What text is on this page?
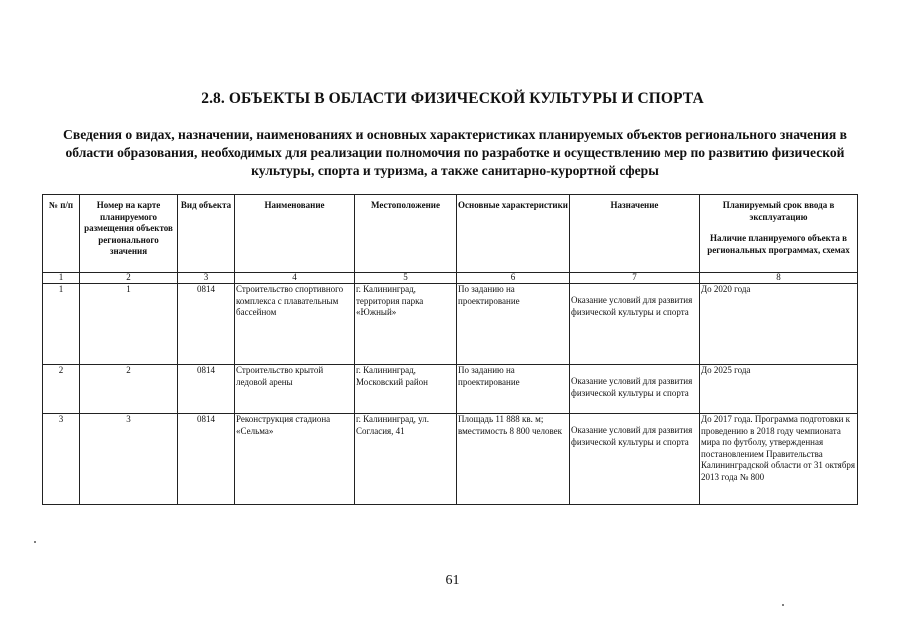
2.8. ОБЪЕКТЫ В ОБЛАСТИ ФИЗИЧЕСКОЙ КУЛЬТУРЫ И СПОРТА
Сведения о видах, назначении, наименованиях и основных характеристиках планируемых объектов регионального значения в области образования, необходимых для реализации полномочия по разработке и осуществлению мер по развитию физической культуры, спорта и туризма, а также санитарно-курортной сферы
№ п/п	Номер на карте планируемого размещения объектов регионального значения	Вид объекта	Наименование	Местоположение	Основные характеристики	Назначение	Планируемый срок ввода в эксплуатацию
Наличие планируемого объекта в региональных программах, схемах

1	2	3	4	5	6	7	8
1	1	0814	Строительство спортивного комплекса с плавательным бассейном	г. Калининград, территория парка «Южный»	По заданию на проектирование	Оказание условий для развития физической культуры и спорта	До 2020 года
2	2	0814	Строительство крытой ледовой арены	г. Калининград, Московский район	По заданию на проектирование	Оказание условий для развития физической культуры и спорта	До 2025 года
3	3	0814	Реконструкция стадиона «Сельма»	г. Калининград, ул. Согласия, 41	Площадь 11 888 кв. м; вместимость 8 800 человек	Оказание условий для развития физической культуры и спорта	До 2017 года. Программа подготовки к проведению в 2018 году чемпионата мира по футболу, утвержденная постановлением Правительства Калининградской области от 31 октября 2013 года № 800
61
